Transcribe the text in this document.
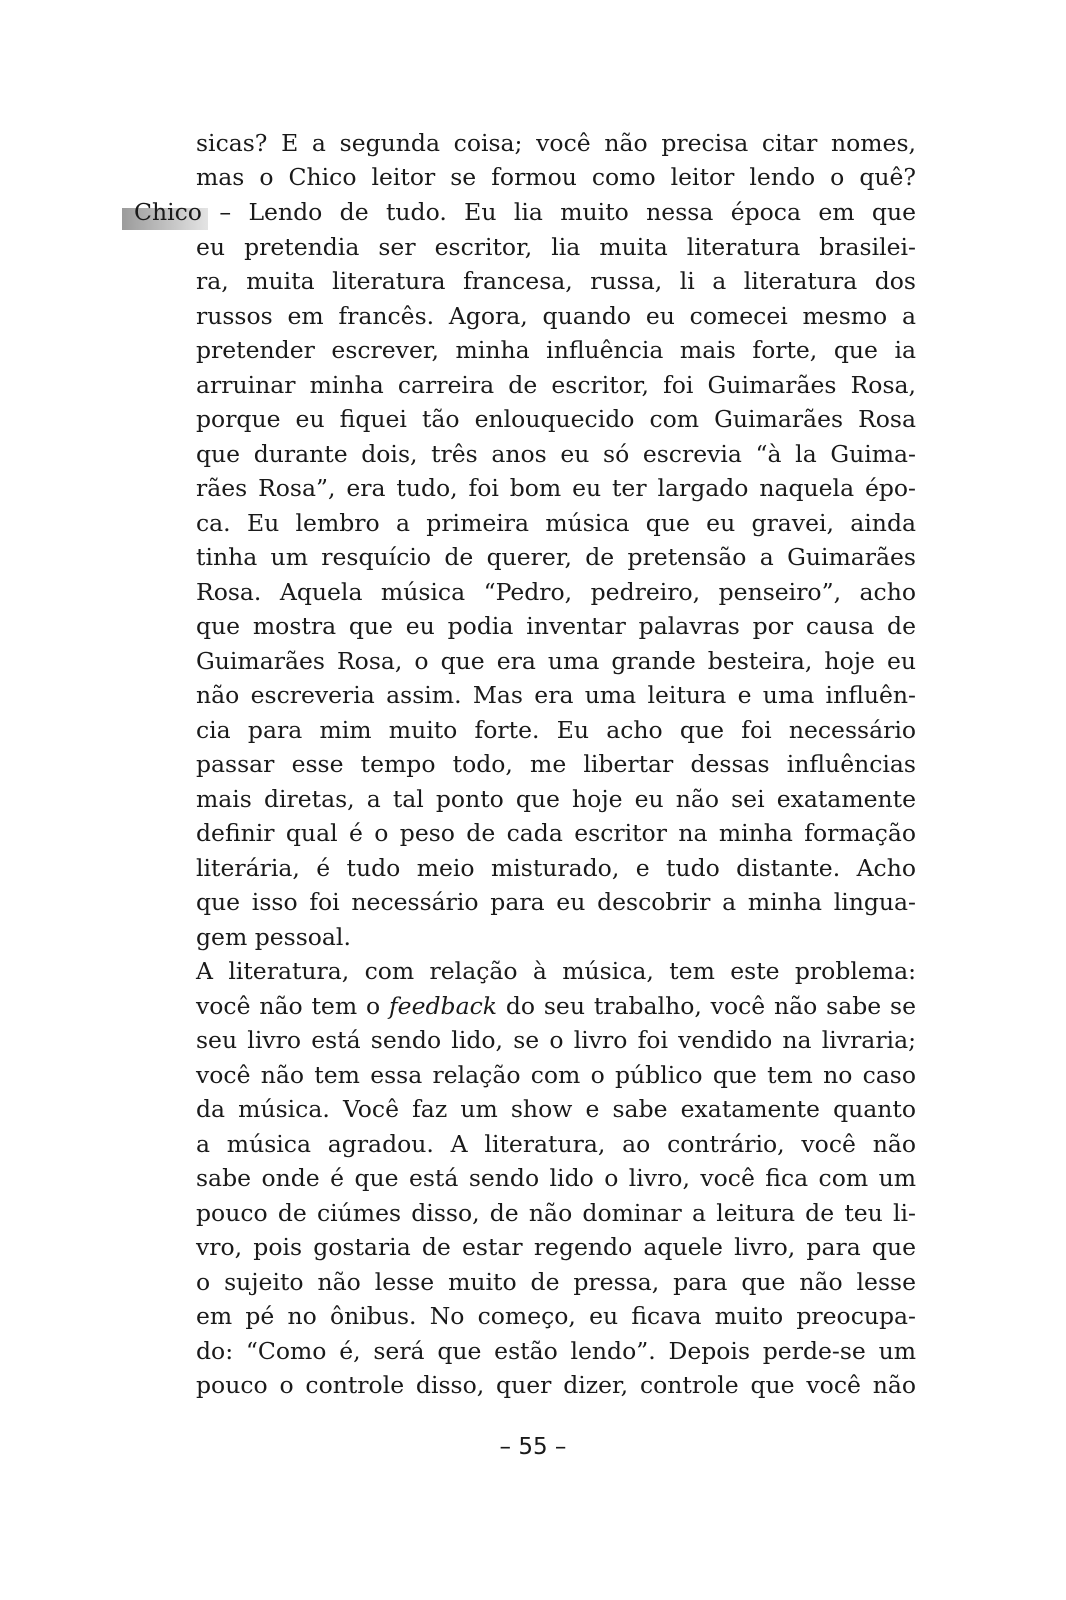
sicas? E a segunda coisa; você não precisa citar nomes,
mas o Chico leitor se formou como leitor lendo o quê?
Chico – Lendo de tudo. Eu lia muito nessa época em que
eu pretendia ser escritor, lia muita literatura brasilei-
ra, muita literatura francesa, russa, li a literatura dos
russos em francês. Agora, quando eu comecei mesmo a
pretender escrever, minha influência mais forte, que ia
arruinar minha carreira de escritor, foi Guimarães Rosa,
porque eu fiquei tão enlouquecido com Guimarães Rosa
que durante dois, três anos eu só escrevia “à la Guima-
rães Rosa”, era tudo, foi bom eu ter largado naquela épo-
ca. Eu lembro a primeira música que eu gravei, ainda
tinha um resquício de querer, de pretensão a Guimarães
Rosa. Aquela música “Pedro, pedreiro, penseiro”, acho
que mostra que eu podia inventar palavras por causa de
Guimarães Rosa, o que era uma grande besteira, hoje eu
não escreveria assim. Mas era uma leitura e uma influên-
cia para mim muito forte. Eu acho que foi necessário
passar esse tempo todo, me libertar dessas influências
mais diretas, a tal ponto que hoje eu não sei exatamente
definir qual é o peso de cada escritor na minha formação
literária, é tudo meio misturado, e tudo distante. Acho
que isso foi necessário para eu descobrir a minha lingua-
gem pessoal.
A literatura, com relação à música, tem este problema:
você não tem o feedback do seu trabalho, você não sabe se
seu livro está sendo lido, se o livro foi vendido na livraria;
você não tem essa relação com o público que tem no caso
da música. Você faz um show e sabe exatamente quanto
a música agradou. A literatura, ao contrário, você não
sabe onde é que está sendo lido o livro, você fica com um
pouco de ciúmes disso, de não dominar a leitura de teu li-
vro, pois gostaria de estar regendo aquele livro, para que
o sujeito não lesse muito de pressa, para que não lesse
em pé no ônibus. No começo, eu ficava muito preocupa-
do: “Como é, será que estão lendo”. Depois perde-se um
pouco o controle disso, quer dizer, controle que você não
– 55 –
